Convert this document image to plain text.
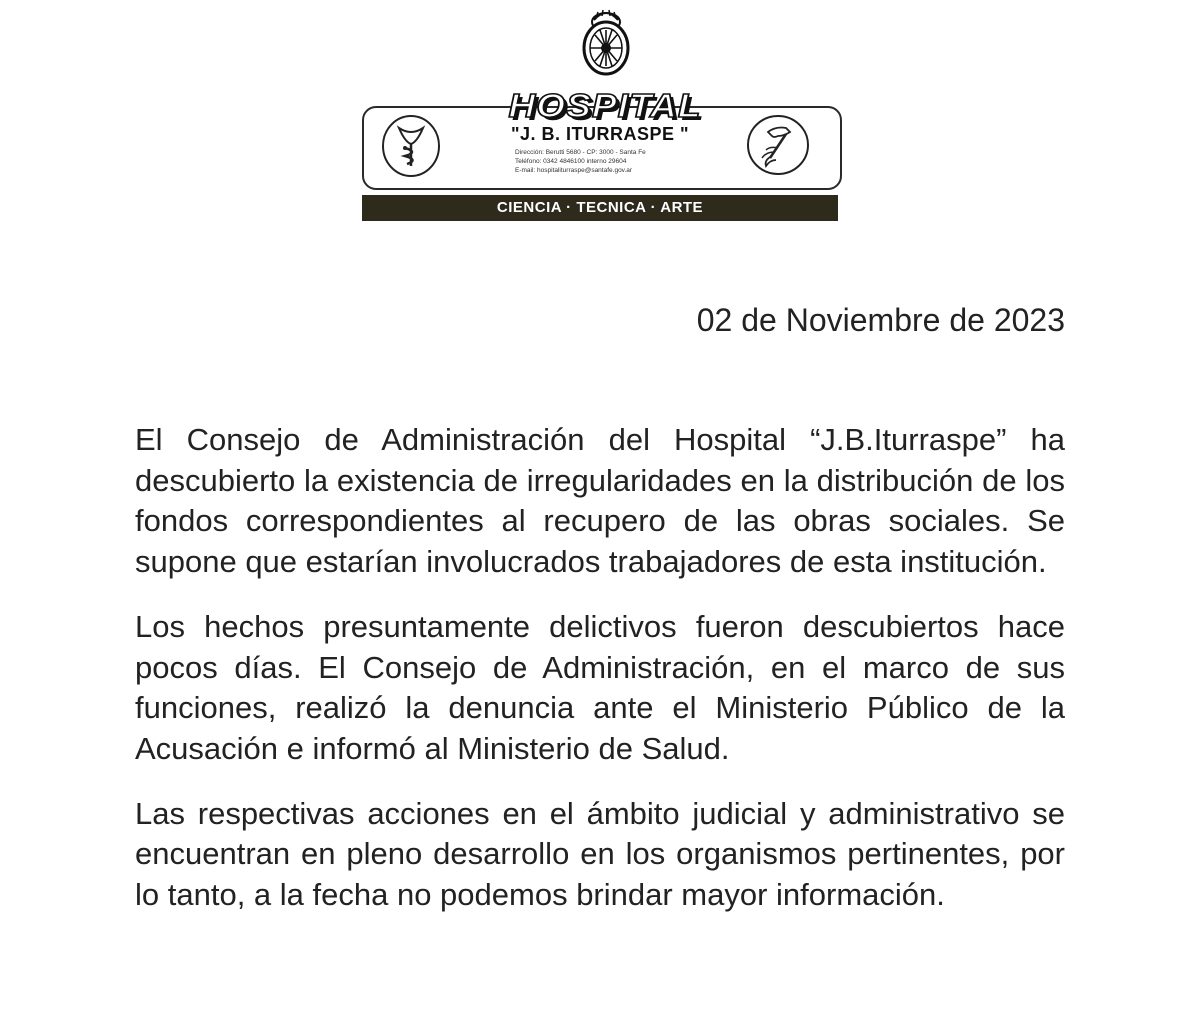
HOSPITAL
"J. B. ITURRASPE "
Dirección: Berutti 5680 - CP: 3000 - Santa Fe
Teléfono: 0342 4846100 interno 29604
E-mail: hospitaliturraspe@santafe.gov.ar
CIENCIA · TECNICA · ARTE
02 de Noviembre de 2023

El Consejo de Administración del Hospital “J.B.Iturraspe” ha descubierto la existencia de irregularidades en la distribución de los fondos correspondientes al recupero de las obras sociales. Se supone que estarían involucrados trabajadores de esta institución.

Los hechos presuntamente delictivos fueron descubiertos hace pocos días. El Consejo de Administración, en el marco de sus funciones, realizó la denuncia ante el Ministerio Público de la Acusación e informó al Ministerio de Salud.

Las respectivas acciones en el ámbito judicial y administrativo se encuentran en pleno desarrollo en los organismos pertinentes, por lo tanto, a la fecha no podemos brindar mayor información.
